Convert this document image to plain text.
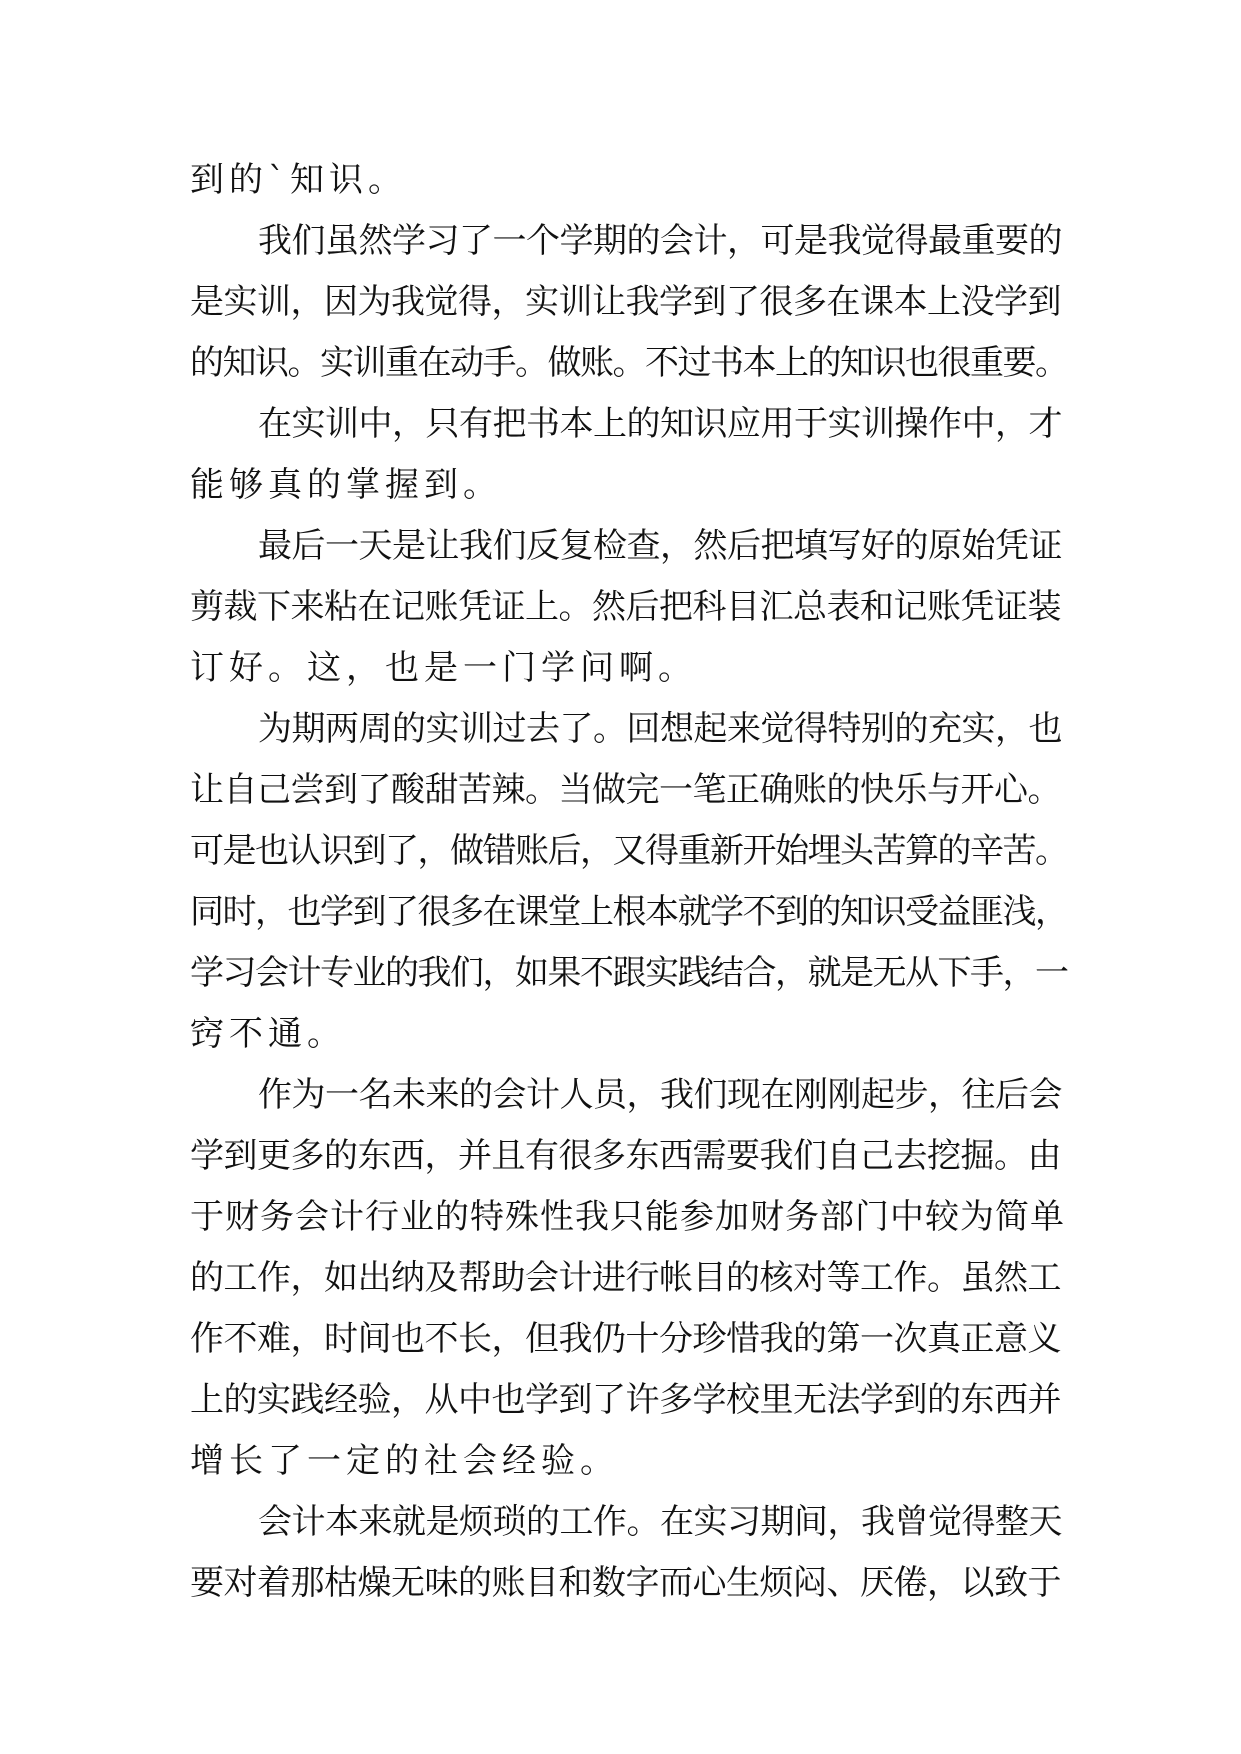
到的`知识。
我们虽然学习了一个学期的会计，可是我觉得最重要的
是实训，因为我觉得，实训让我学到了很多在课本上没学到
的知识。实训重在动手。做账。不过书本上的知识也很重要。
在实训中，只有把书本上的知识应用于实训操作中，才
能够真的掌握到。
最后一天是让我们反复检查，然后把填写好的原始凭证
剪裁下来粘在记账凭证上。然后把科目汇总表和记账凭证装
订好。这，也是一门学问啊。
为期两周的实训过去了。回想起来觉得特别的充实，也
让自己尝到了酸甜苦辣。当做完一笔正确账的快乐与开心。
可是也认识到了，做错账后，又得重新开始埋头苦算的辛苦。
同时，也学到了很多在课堂上根本就学不到的知识受益匪浅，
学习会计专业的我们，如果不跟实践结合，就是无从下手，一
窍不通。
作为一名未来的会计人员，我们现在刚刚起步，往后会
学到更多的东西，并且有很多东西需要我们自己去挖掘。由
于财务会计行业的特殊性我只能参加财务部门中较为简单
的工作，如出纳及帮助会计进行帐目的核对等工作。虽然工
作不难，时间也不长，但我仍十分珍惜我的第一次真正意义
上的实践经验，从中也学到了许多学校里无法学到的东西并
增长了一定的社会经验。
会计本来就是烦琐的工作。在实习期间，我曾觉得整天
要对着那枯燥无味的账目和数字而心生烦闷、厌倦，以致于
